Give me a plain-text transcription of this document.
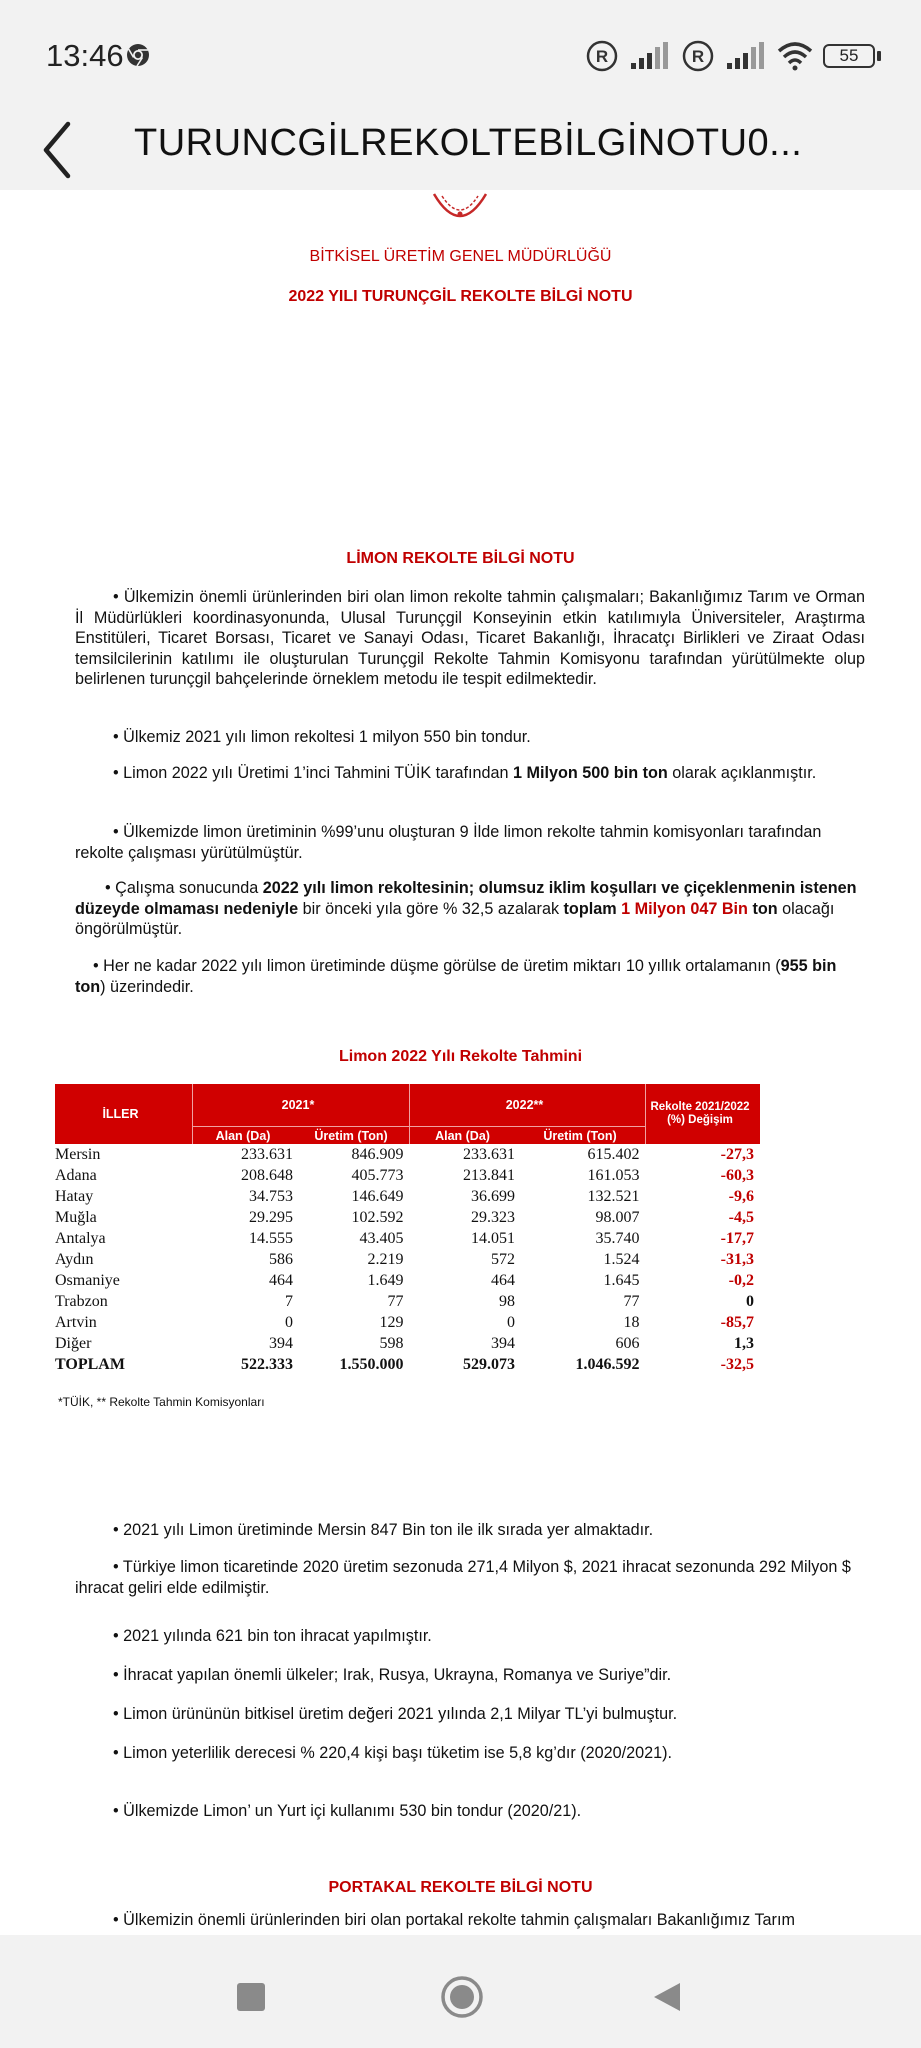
13:46	R	R	55
TURUNCGİLREKOLTEBİLGİNOTU0...
BİTKİSEL ÜRETİM GENEL MÜDÜRLÜĞÜ
2022 YILI TURUNÇGİL REKOLTE BİLGİ NOTU
LİMON REKOLTE BİLGİ NOTU
• Ülkemizin önemli ürünlerinden biri olan limon rekolte tahmin çalışmaları; Bakanlığımız Tarım ve Orman İl Müdürlükleri koordinasyonunda, Ulusal Turunçgil Konseyinin etkin katılımıyla Üniversiteler, Araştırma Enstitüleri, Ticaret Borsası, Ticaret ve Sanayi Odası, Ticaret Bakanlığı, İhracatçı Birlikleri ve Ziraat Odası temsilcilerinin katılımı ile oluşturulan Turunçgil Rekolte Tahmin Komisyonu tarafından yürütülmekte olup belirlenen turunçgil bahçelerinde örneklem metodu ile tespit edilmektedir.
• Ülkemiz 2021 yılı limon rekoltesi 1 milyon 550 bin tondur.
• Limon 2022 yılı Üretimi 1’inci Tahmini TÜİK tarafından 1 Milyon 500 bin ton olarak açıklanmıştır.
• Ülkemizde limon üretiminin %99’unu oluşturan 9 İlde limon rekolte tahmin komisyonları tarafından rekolte çalışması yürütülmüştür.
• Çalışma sonucunda 2022 yılı limon rekoltesinin; olumsuz iklim koşulları ve çiçeklenmenin istenen düzeyde olmaması nedeniyle bir önceki yıla göre % 32,5 azalarak toplam 1 Milyon 047 Bin ton olacağı öngörülmüştür.
• Her ne kadar 2022 yılı limon üretiminde düşme görülse de üretim miktarı 10 yıllık ortalamanın (955 bin ton) üzerindedir.
Limon 2022 Yılı Rekolte Tahmini
İLLER	2021*		2022**		Rekolte 2021/2022 (%) Değişim
	Alan (Da)	Üretim (Ton)	Alan (Da)	Üretim (Ton)	
Mersin	233.631	846.909	233.631	615.402	-27,3
Adana	208.648	405.773	213.841	161.053	-60,3
Hatay	34.753	146.649	36.699	132.521	-9,6
Muğla	29.295	102.592	29.323	98.007	-4,5
Antalya	14.555	43.405	14.051	35.740	-17,7
Aydın	586	2.219	572	1.524	-31,3
Osmaniye	464	1.649	464	1.645	-0,2
Trabzon	7	77	98	77	0
Artvin	0	129	0	18	-85,7
Diğer	394	598	394	606	1,3
TOPLAM	522.333	1.550.000	529.073	1.046.592	-32,5
*TÜİK, ** Rekolte Tahmin Komisyonları
• 2021 yılı Limon üretiminde Mersin 847 Bin ton ile ilk sırada yer almaktadır.
• Türkiye limon ticaretinde 2020 üretim sezonuda 271,4 Milyon $, 2021 ihracat sezonunda 292 Milyon $ ihracat geliri elde edilmiştir.
• 2021 yılında 621 bin ton ihracat yapılmıştır.
• İhracat yapılan önemli ülkeler; Irak, Rusya, Ukrayna, Romanya ve Suriye”dir.
• Limon ürününün bitkisel üretim değeri 2021 yılında 2,1 Milyar TL’yi bulmuştur.
• Limon yeterlilik derecesi % 220,4 kişi başı tüketim ise 5,8 kg’dır (2020/2021).
• Ülkemizde Limon’ un Yurt içi kullanımı 530 bin tondur (2020/21).
PORTAKAL REKOLTE BİLGİ NOTU
• Ülkemizin önemli ürünlerinden biri olan portakal rekolte tahmin çalışmaları Bakanlığımız Tarım
